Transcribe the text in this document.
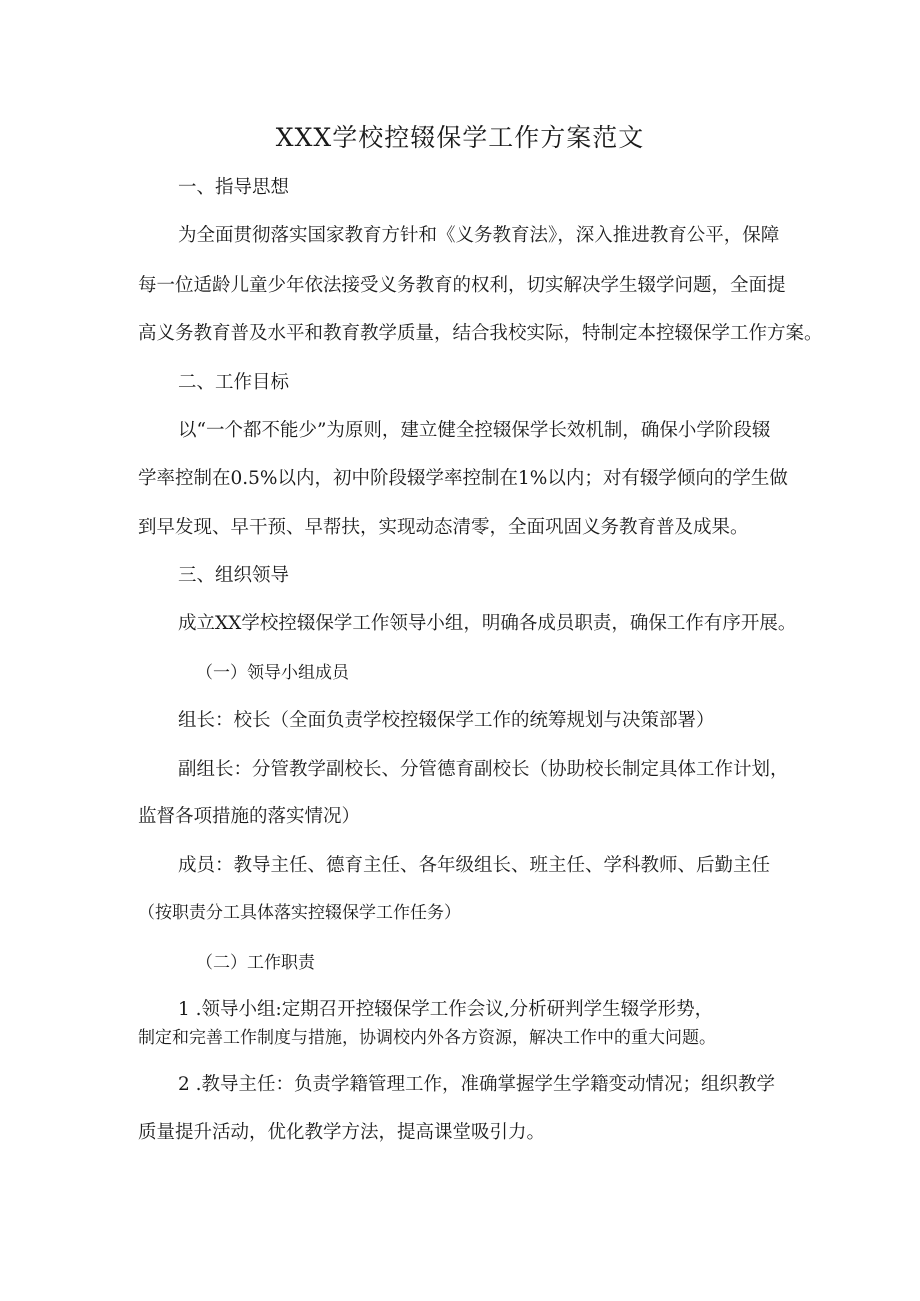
XXX学校控辍保学工作方案范文
一、指导思想
为全面贯彻落实国家教育方针和《义务教育法》，深入推进教育公平，保障
每一位适龄儿童少年依法接受义务教育的权利，切实解决学生辍学问题，全面提
高义务教育普及水平和教育教学质量，结合我校实际，特制定本控辍保学工作方案。
二、工作目标
以“一个都不能少”为原则，建立健全控辍保学长效机制，确保小学阶段辍
学率控制在0.5%以内，初中阶段辍学率控制在1%以内；对有辍学倾向的学生做
到早发现、早干预、早帮扶，实现动态清零，全面巩固义务教育普及成果。
三、组织领导
成立XX学校控辍保学工作领导小组，明确各成员职责，确保工作有序开展。
（一）领导小组成员
组长：校长（全面负责学校控辍保学工作的统筹规划与决策部署）
副组长：分管教学副校长、分管德育副校长（协助校长制定具体工作计划，
监督各项措施的落实情况）
成员：教导主任、德育主任、各年级组长、班主任、学科教师、后勤主任
（按职责分工具体落实控辍保学工作任务）
（二）工作职责
1 .领导小组:定期召开控辍保学工作会议,分析研判学生辍学形势，
制定和完善工作制度与措施，协调校内外各方资源，解决工作中的重大问题。
2 .教导主任：负责学籍管理工作，准确掌握学生学籍变动情况；组织教学
质量提升活动，优化教学方法，提高课堂吸引力。
